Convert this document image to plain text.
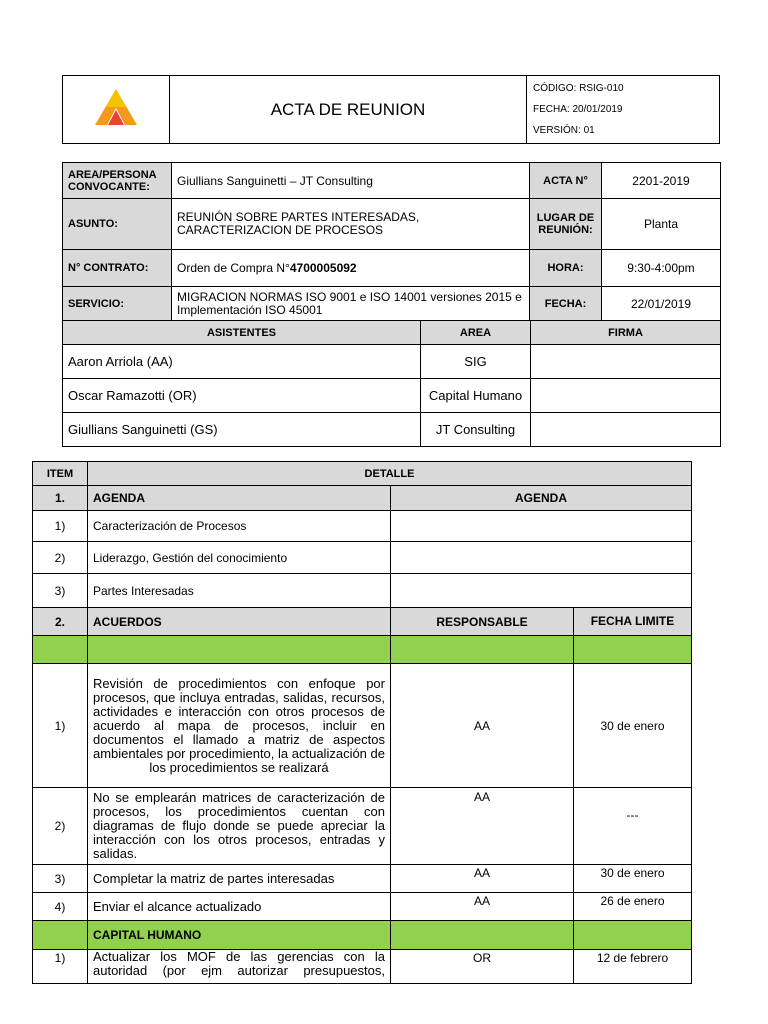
	ACTA DE REUNION	
CÓDIGO: RSIG-010
FECHA: 20/01/2019
VERSIÓN: 01
AREA/PERSONA CONVOCANTE:	Giullians Sanguinetti – JT Consulting	ACTA N°	2201-2019
ASUNTO:	REUNIÓN SOBRE PARTES INTERESADAS, CARACTERIZACION DE PROCESOS	LUGAR DE REUNIÓN:	Planta
N° CONTRATO:	Orden de Compra N°4700005092	HORA:	9:30-4:00pm
SERVICIO:	MIGRACION NORMAS ISO 9001 e ISO 14001 versiones 2015 e Implementación ISO 45001	FECHA:	22/01/2019
ASISTENTES	AREA	FIRMA
Aaron Arriola (AA)	SIG	
Oscar Ramazotti (OR)	Capital Humano	
Giullians Sanguinetti (GS)	JT Consulting	
ITEM	DETALLE		
1.	AGENDA	AGENDA	
1)	Caracterización de Procesos		
2)	Liderazgo, Gestión del conocimiento		
3)	Partes Interesadas		
2.	ACUERDOS	RESPONSABLE	FECHA LIMITE

1)	Revisión de procedimientos con enfoque por procesos, que incluya entradas, salidas, recursos, actividades e interacción con otros procesos de acuerdo al mapa de procesos, incluir en documentos el llamado a matriz de aspectos ambientales por procedimiento, la actualización de los procedimientos se realizará	AA	30 de enero
2)	No se emplearán matrices de caracterización de procesos, los procedimientos cuentan con diagramas de flujo donde se puede apreciar la interacción con los otros procesos, entradas y salidas.	AA	---
3)	Completar la matriz de partes interesadas	AA	30 de enero
4)	Enviar el alcance actualizado	AA	26 de enero
	CAPITAL HUMANO		
1)	Actualizar los MOF de las gerencias con la autoridad (por ejm autorizar presupuestos,	OR	12 de febrero
